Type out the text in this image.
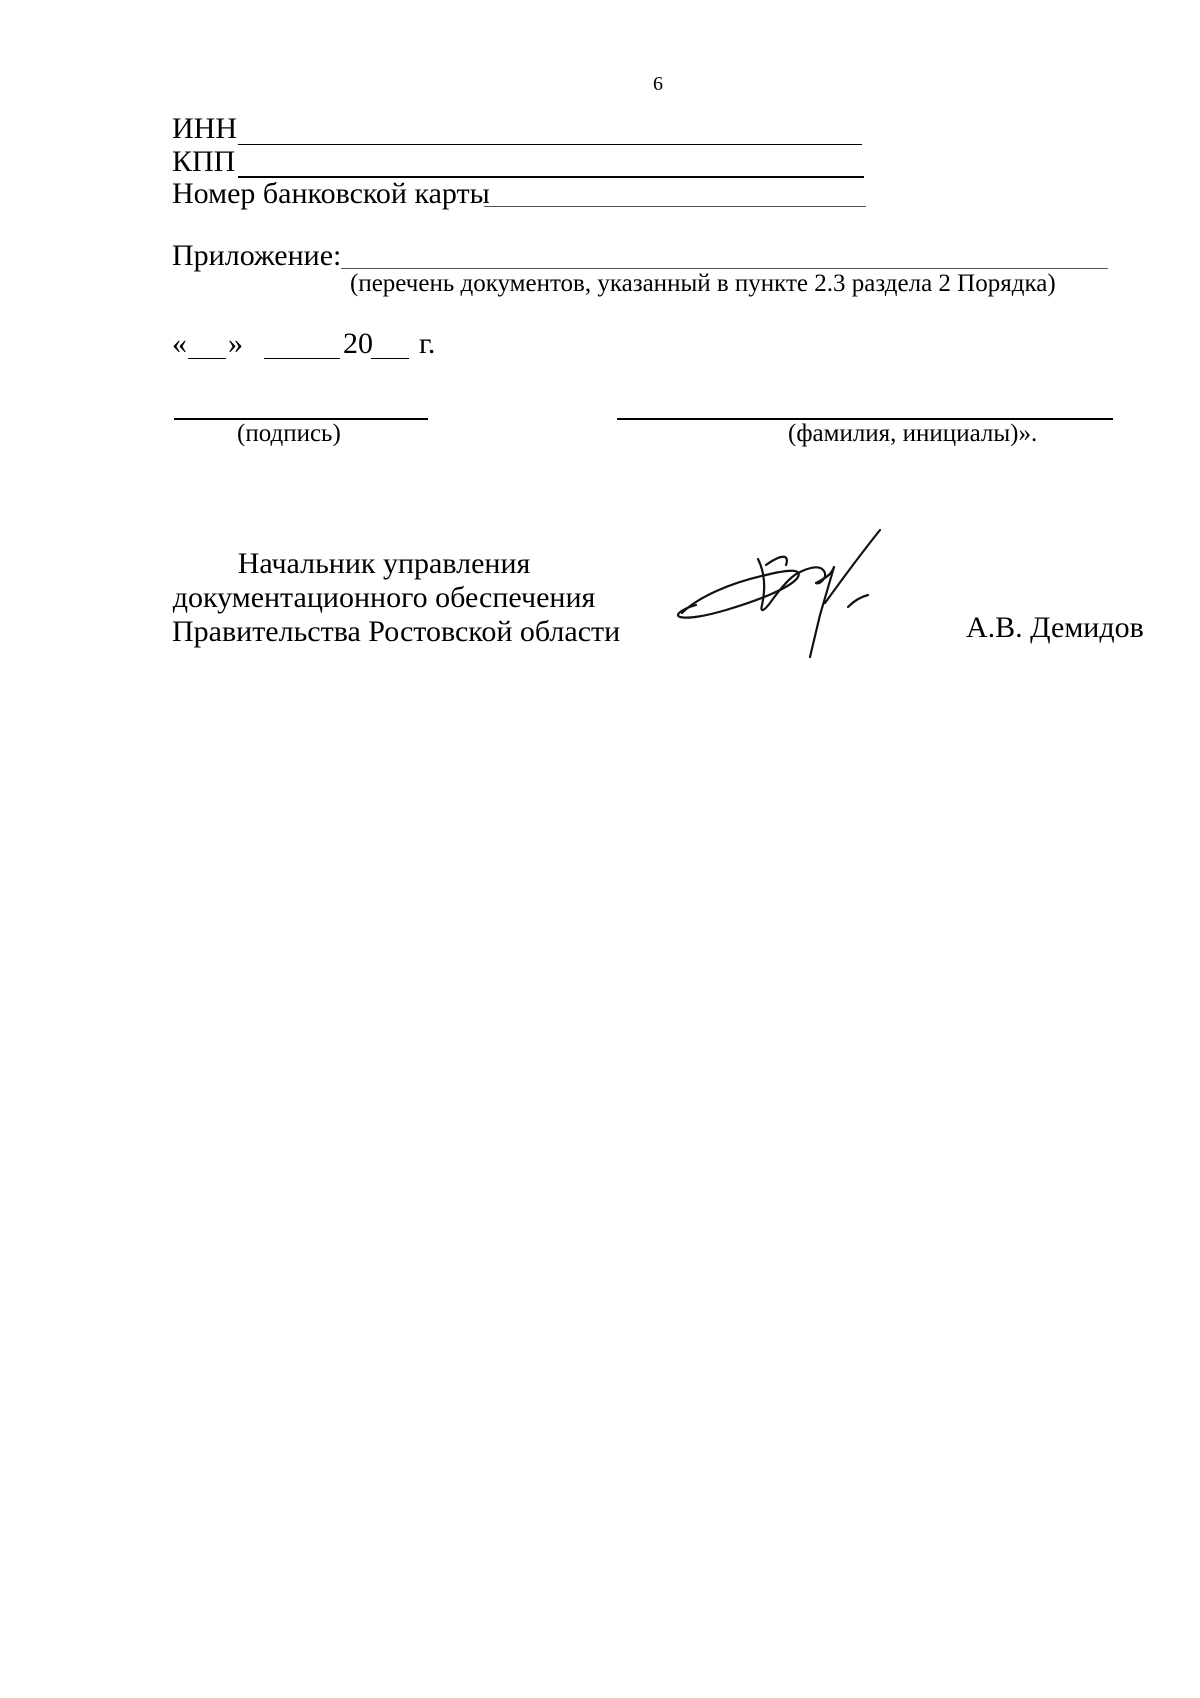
6
ИНН
КПП
Номер банковской карты
Приложение:
(перечень документов, указанный в пункте 2.3 раздела 2 Порядка)
« »	20 г.
(подпись)	(фамилия, инициалы)».
Начальник управления
документационного обеспечения
Правительства Ростовской области	А.В. Демидов
